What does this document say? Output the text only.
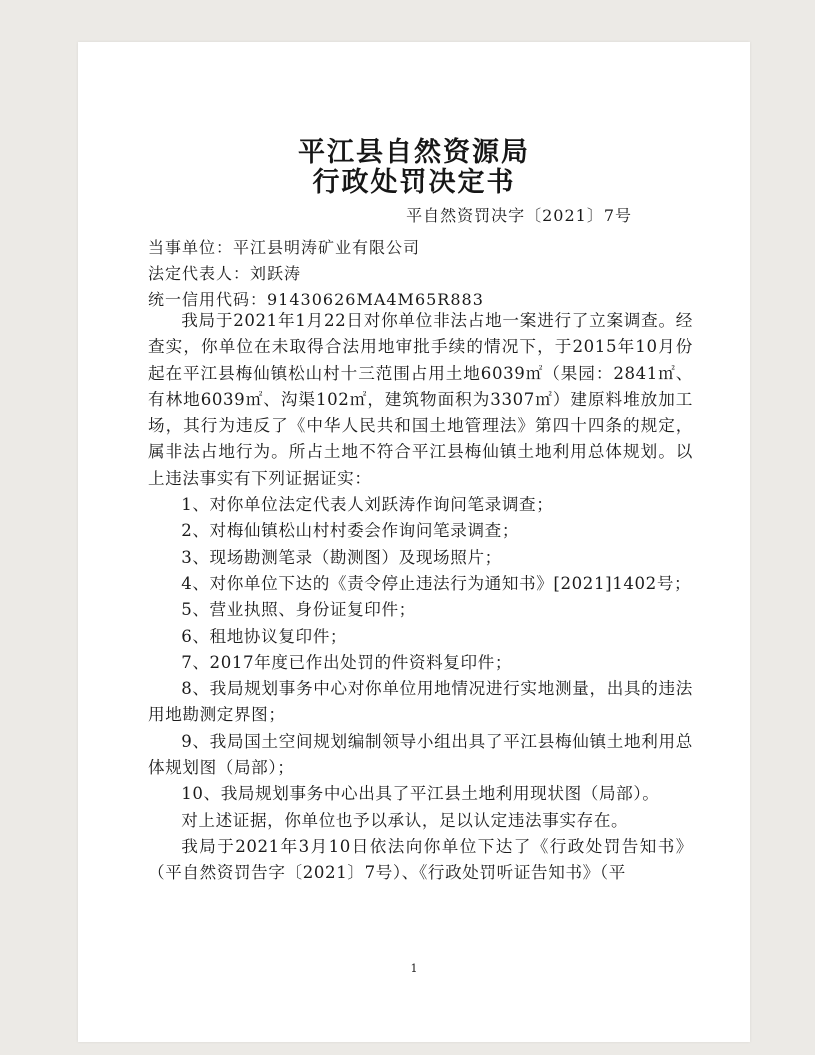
平江县自然资源局
行政处罚决定书
平自然资罚决字〔2021〕7号
当事单位：平江县明涛矿业有限公司
法定代表人：刘跃涛
统一信用代码：91430626MA4M65R883

我局于2021年1月22日对你单位非法占地一案进行了立案调查。经查实，你单位在未取得合法用地审批手续的情况下，于2015年10月份起在平江县梅仙镇松山村十三范围占用土地6039㎡（果园：2841㎡、有林地6039㎡、沟渠102㎡，建筑物面积为3307㎡）建原料堆放加工场，其行为违反了《中华人民共和国土地管理法》第四十四条的规定，属非法占地行为。所占土地不符合平江县梅仙镇土地利用总体规划。以上违法事实有下列证据证实：

1、对你单位法定代表人刘跃涛作询问笔录调查；

2、对梅仙镇松山村村委会作询问笔录调查；

3、现场勘测笔录（勘测图）及现场照片；

4、对你单位下达的《责令停止违法行为通知书》[2021]1402号；

5、营业执照、身份证复印件；

6、租地协议复印件；

7、2017年度已作出处罚的件资料复印件；

8、我局规划事务中心对你单位用地情况进行实地测量，出具的违法用地勘测定界图；

9、我局国土空间规划编制领导小组出具了平江县梅仙镇土地利用总体规划图（局部）；

10、我局规划事务中心出具了平江县土地利用现状图（局部）。

对上述证据，你单位也予以承认，足以认定违法事实存在。

我局于2021年3月10日依法向你单位下达了《行政处罚告知书》（平自然资罚告字〔2021〕7号）、《行政处罚听证告知书》（平

1
